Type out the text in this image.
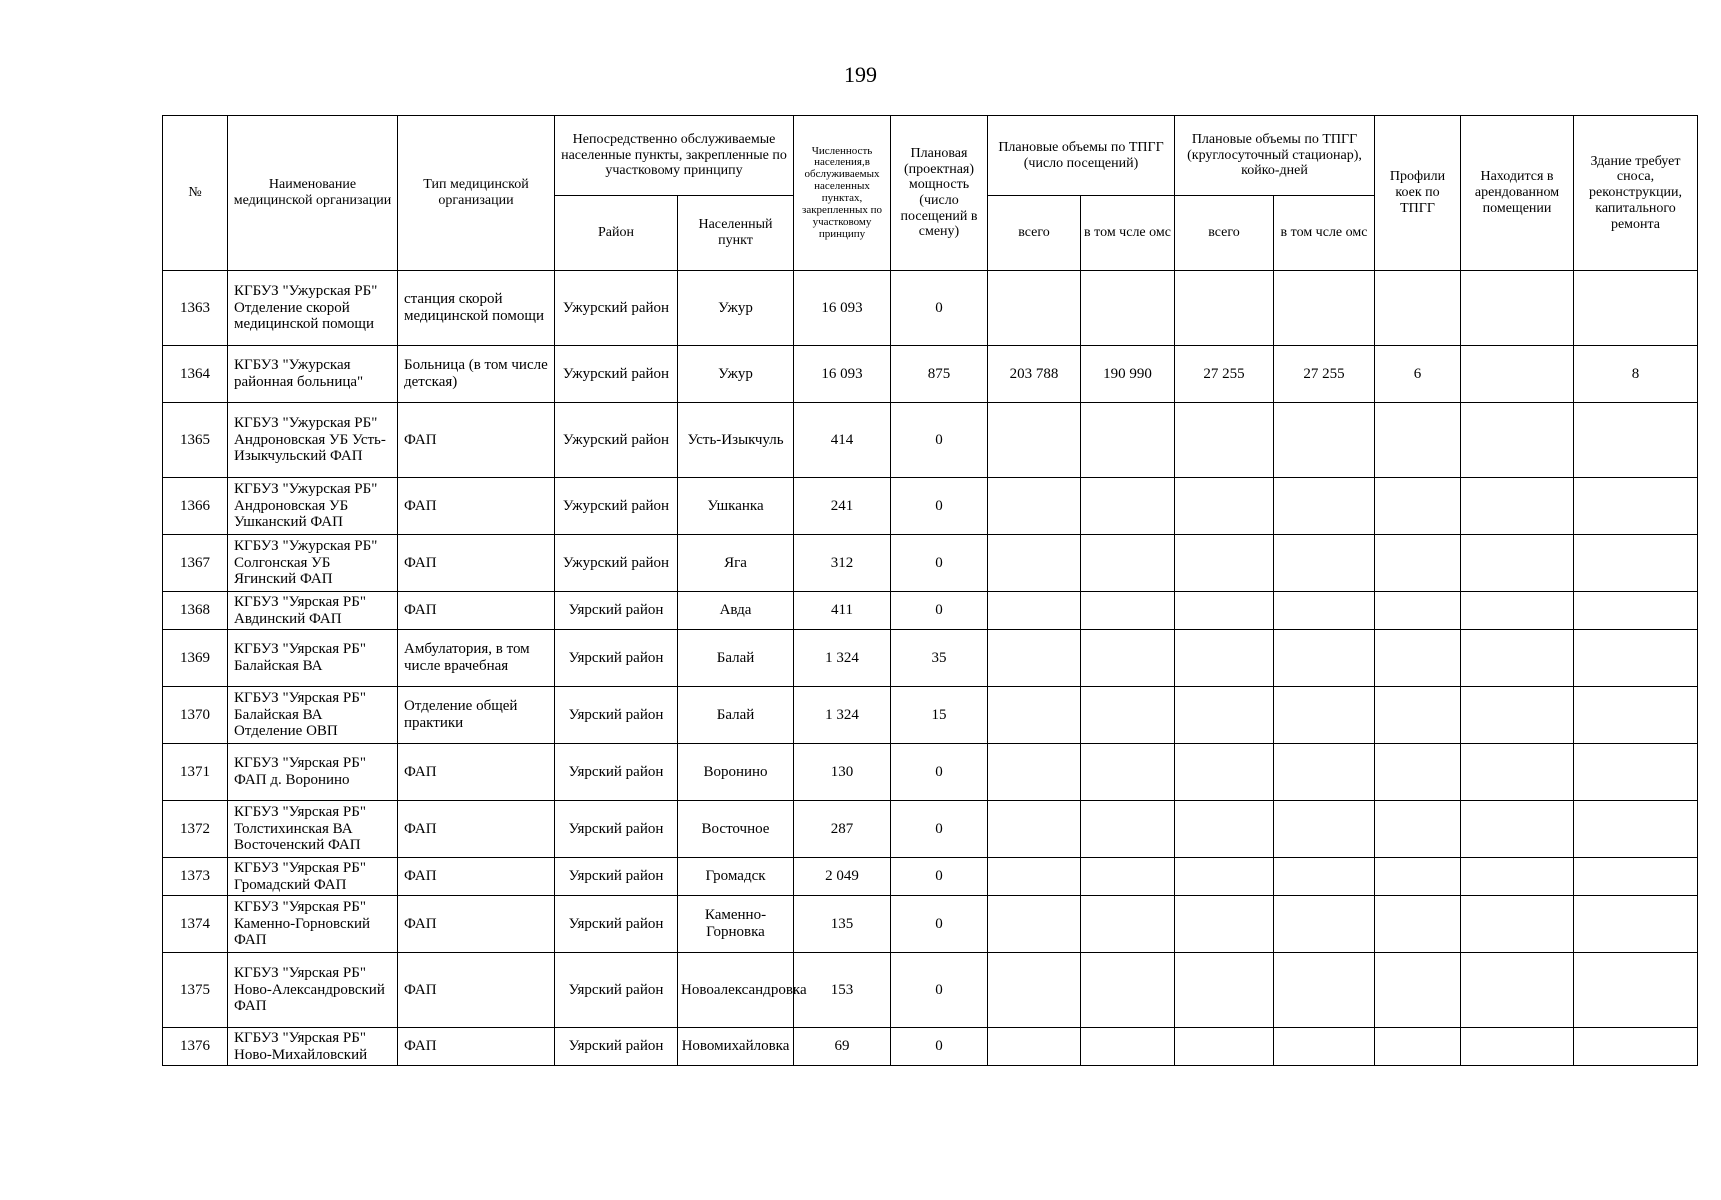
199
№	Наименование медицинской организации	Тип медицинской организации	Непосредственно обслуживаемые населенные пункты, закрепленные по участковому принципу		Численность населения,в обслуживаемых населенных пунктах, закрепленных по участковому принципу	Плановая (проектная) мощность (число посещений в смену)	Плановые объемы по ТПГГ (число посещений)		Плановые объемы по ТПГГ (круглосуточный стационар), койко-дней		Профили коек по ТПГГ	Находится в арендованном помещении	Здание требует сноса, реконструкции, капитального ремонта
			Район	Населенный пункт			всего	в том чсле омс	всего	в том чсле омс			
1363	КГБУЗ "Ужурская РБ" Отделение скорой медицинской помощи	станция скорой медицинской помощи	Ужурский район	Ужур	16 093	0							
1364	КГБУЗ "Ужурская районная больница"	Больница (в том числе детская)	Ужурский район	Ужур	16 093	875	203 788	190 990	27 255	27 255	6		8
1365	КГБУЗ "Ужурская РБ" Андроновская УБ Усть-Изыкчульский ФАП	ФАП	Ужурский район	Усть-Изыкчуль	414	0							
1366	КГБУЗ "Ужурская РБ" Андроновская УБ Ушканский ФАП	ФАП	Ужурский район	Ушканка	241	0							
1367	КГБУЗ "Ужурская РБ" Солгонская УБ Ягинский ФАП	ФАП	Ужурский район	Яга	312	0							
1368	КГБУЗ "Уярская РБ" Авдинский ФАП	ФАП	Уярский район	Авда	411	0							
1369	КГБУЗ "Уярская РБ" Балайская ВА	Амбулатория, в том числе врачебная	Уярский район	Балай	1 324	35							
1370	КГБУЗ "Уярская РБ" Балайская ВА Отделение ОВП	Отделение общей практики	Уярский район	Балай	1 324	15							
1371	КГБУЗ "Уярская РБ" ФАП д. Воронино	ФАП	Уярский район	Воронино	130	0							
1372	КГБУЗ "Уярская РБ" Толстихинская ВА Восточенский ФАП	ФАП	Уярский район	Восточное	287	0							
1373	КГБУЗ "Уярская РБ" Громадский ФАП	ФАП	Уярский район	Громадск	2 049	0							
1374	КГБУЗ "Уярская РБ" Каменно-Горновский ФАП	ФАП	Уярский район	Каменно-Горновка	135	0							
1375	КГБУЗ "Уярская РБ" Ново-Александровский ФАП	ФАП	Уярский район	Новоалександровка	153	0							
1376	КГБУЗ "Уярская РБ" Ново-Михайловский	ФАП	Уярский район	Новомихайловка	69	0							
